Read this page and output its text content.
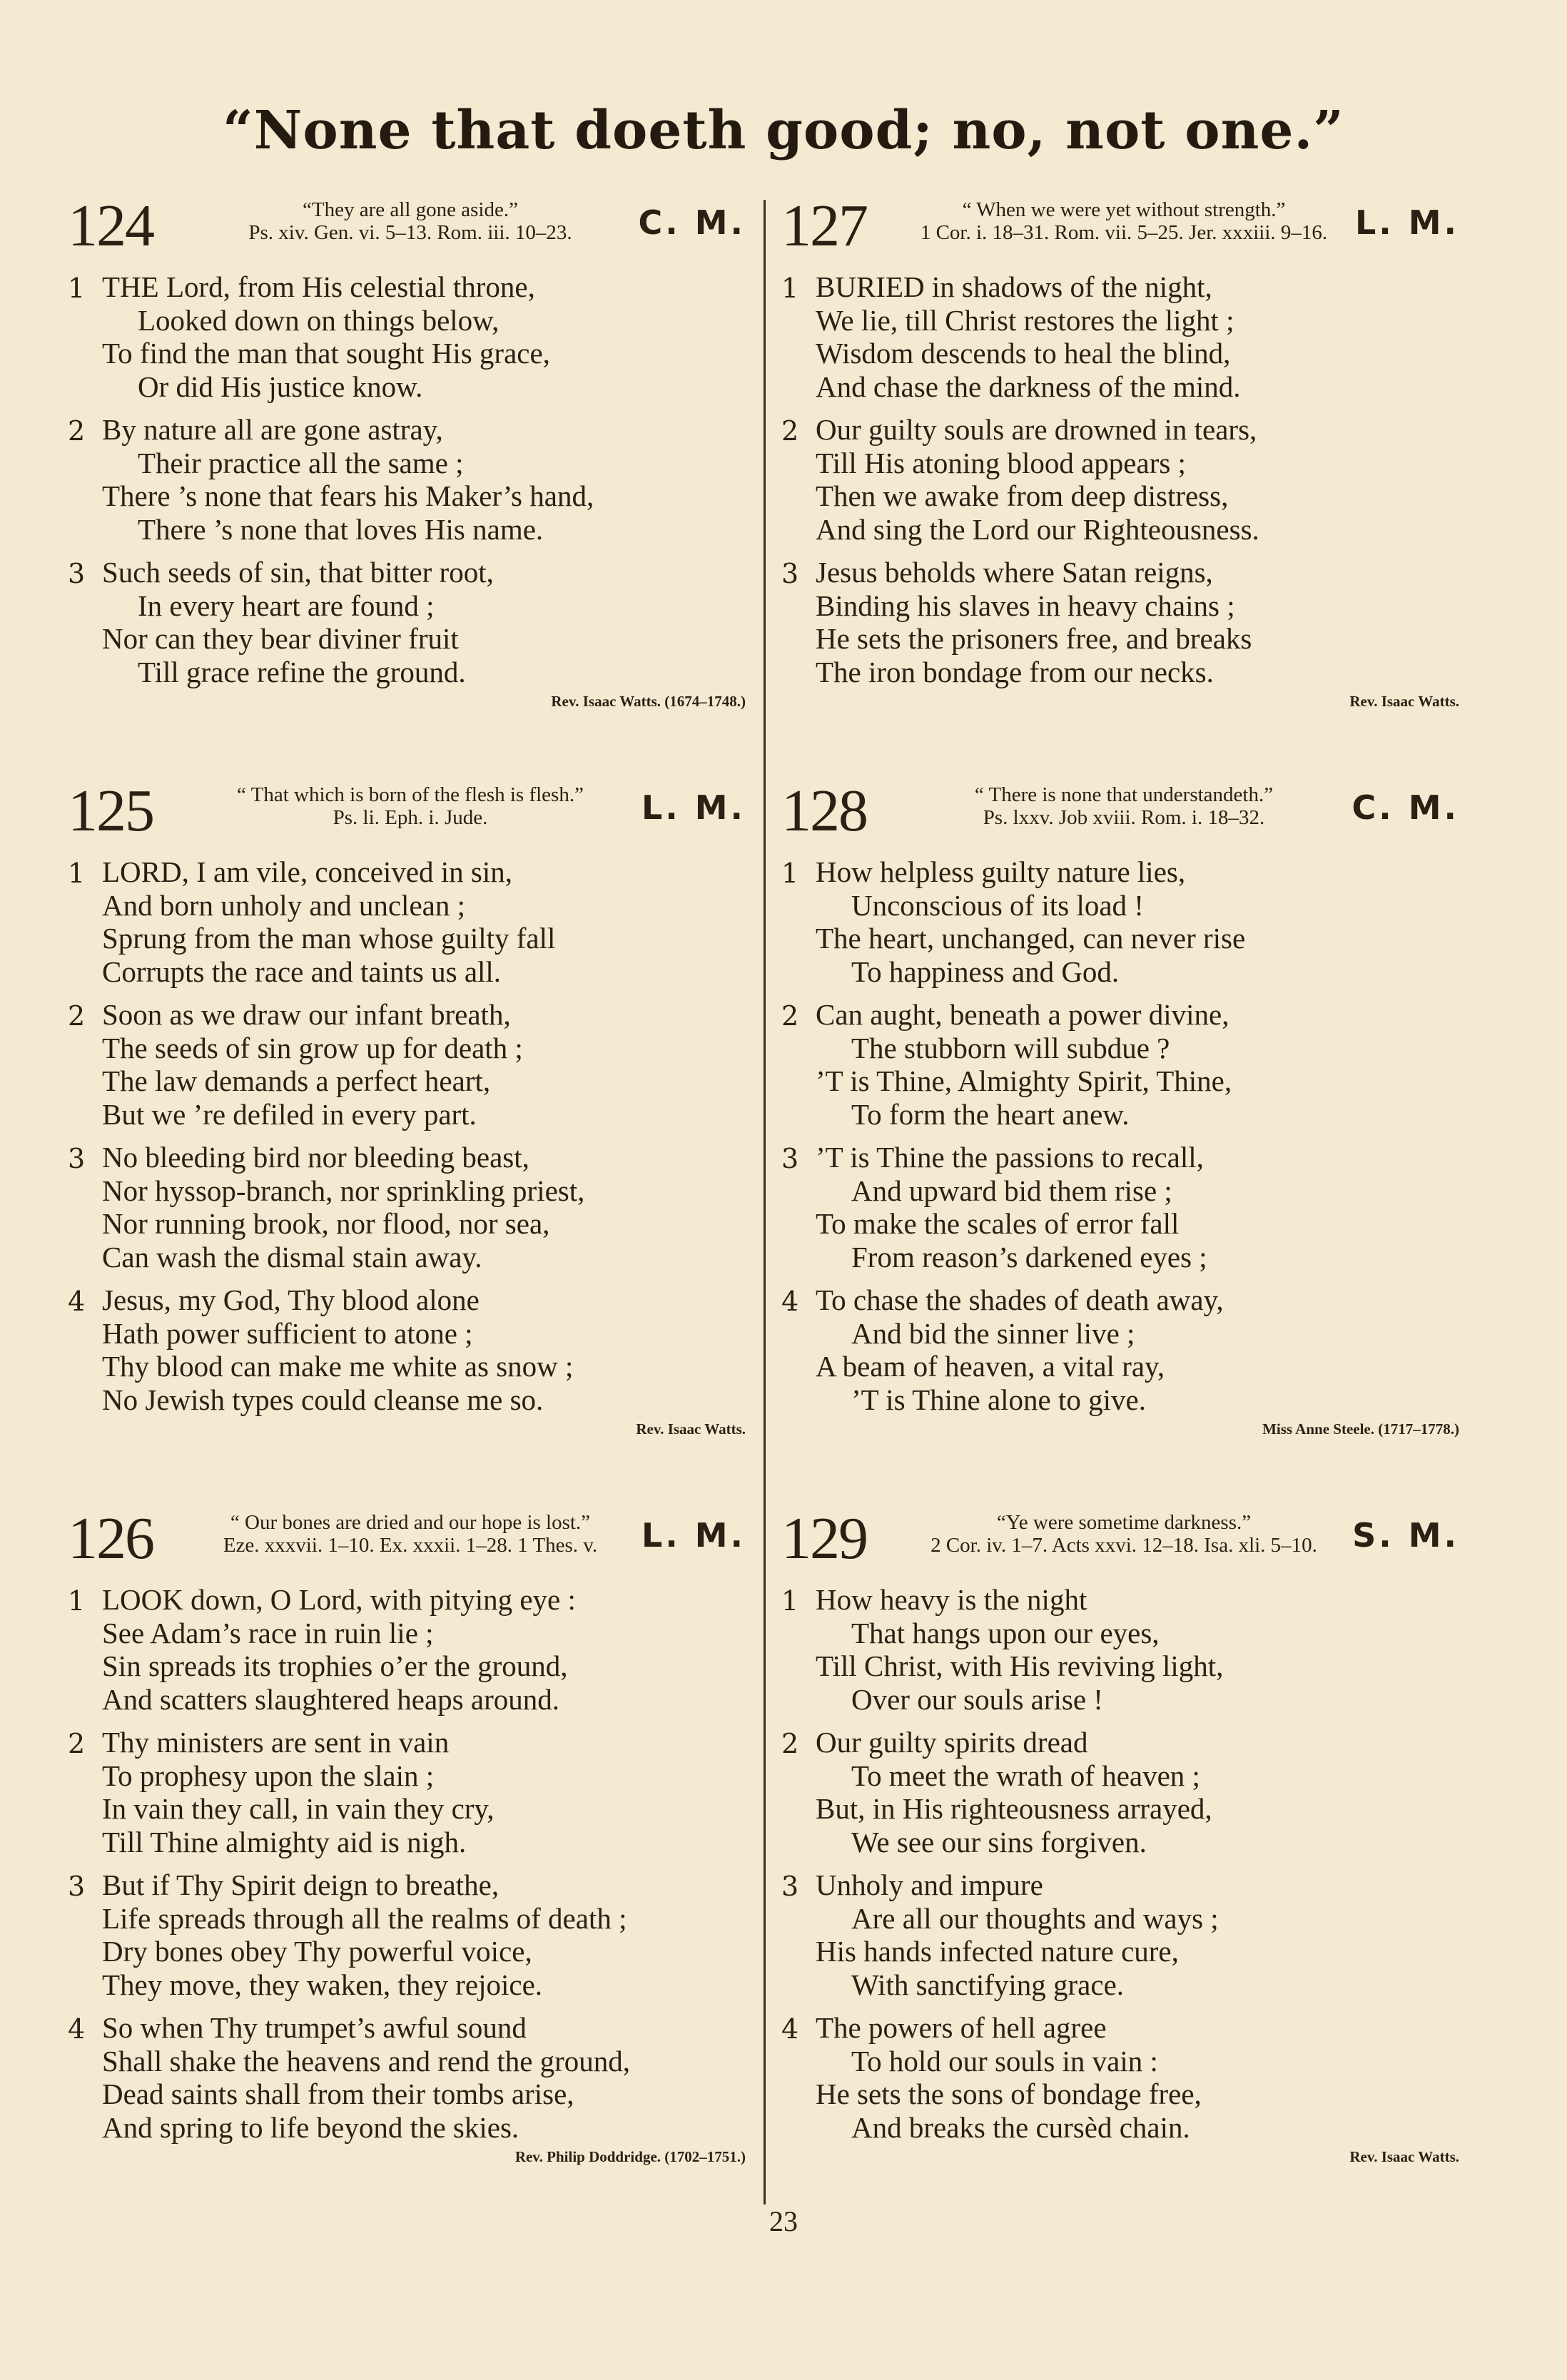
“None that doeth good; no, not one.”
124	“They are all gone aside.”
Ps. xiv. Gen. vi. 5–13. Rom. iii. 10–23.	C. M.
1 THE Lord, from His celestial throne,
Looked down on things below,
To find the man that sought His grace,
Or did His justice know.
2 By nature all are gone astray,
Their practice all the same ;
There ’s none that fears his Maker’s hand,
There ’s none that loves His name.
3 Such seeds of sin, that bitter root,
In every heart are found ;
Nor can they bear diviner fruit
Till grace refine the ground.
Rev. Isaac Watts. (1674–1748.)
125	“ That which is born of the flesh is flesh.”
Ps. li. Eph. i. Jude.	L. M.
1 LORD, I am vile, conceived in sin,
And born unholy and unclean ;
Sprung from the man whose guilty fall
Corrupts the race and taints us all.
2 Soon as we draw our infant breath,
The seeds of sin grow up for death ;
The law demands a perfect heart,
But we ’re defiled in every part.
3 No bleeding bird nor bleeding beast,
Nor hyssop-branch, nor sprinkling priest,
Nor running brook, nor flood, nor sea,
Can wash the dismal stain away.
4 Jesus, my God, Thy blood alone
Hath power sufficient to atone ;
Thy blood can make me white as snow ;
No Jewish types could cleanse me so.
Rev. Isaac Watts.
126	“ Our bones are dried and our hope is lost.”
Eze. xxxvii. 1–10. Ex. xxxii. 1–28. 1 Thes. v.	L. M.
1 LOOK down, O Lord, with pitying eye :
See Adam’s race in ruin lie ;
Sin spreads its trophies o’er the ground,
And scatters slaughtered heaps around.
2 Thy ministers are sent in vain
To prophesy upon the slain ;
In vain they call, in vain they cry,
Till Thine almighty aid is nigh.
3 But if Thy Spirit deign to breathe,
Life spreads through all the realms of death ;
Dry bones obey Thy powerful voice,
They move, they waken, they rejoice.
4 So when Thy trumpet’s awful sound
Shall shake the heavens and rend the ground,
Dead saints shall from their tombs arise,
And spring to life beyond the skies.
Rev. Philip Doddridge. (1702–1751.)
127	“ When we were yet without strength.”
1 Cor. i. 18–31. Rom. vii. 5–25. Jer. xxxiii. 9–16. L. M.
1 BURIED in shadows of the night,
We lie, till Christ restores the light ;
Wisdom descends to heal the blind,
And chase the darkness of the mind.
2 Our guilty souls are drowned in tears,
Till His atoning blood appears ;
Then we awake from deep distress,
And sing the Lord our Righteousness.
3 Jesus beholds where Satan reigns,
Binding his slaves in heavy chains ;
He sets the prisoners free, and breaks
The iron bondage from our necks.
Rev. Isaac Watts.
128	“ There is none that understandeth.”
Ps. lxxv. Job xviii. Rom. i. 18–32.	C. M.
1 How helpless guilty nature lies,
Unconscious of its load !
The heart, unchanged, can never rise
To happiness and God.
2 Can aught, beneath a power divine,
The stubborn will subdue ?
’T is Thine, Almighty Spirit, Thine,
To form the heart anew.
3 ’T is Thine the passions to recall,
And upward bid them rise ;
To make the scales of error fall
From reason’s darkened eyes ;
4 To chase the shades of death away,
And bid the sinner live ;
A beam of heaven, a vital ray,
’T is Thine alone to give.
Miss Anne Steele. (1717–1778.)
129	“Ye were sometime darkness.”
2 Cor. iv. 1–7. Acts xxvi. 12–18. Isa. xli. 5–10.	S. M.
1 How heavy is the night
That hangs upon our eyes,
Till Christ, with His reviving light,
Over our souls arise !
2 Our guilty spirits dread
To meet the wrath of heaven ;
But, in His righteousness arrayed,
We see our sins forgiven.
3 Unholy and impure
Are all our thoughts and ways ;
His hands infected nature cure,
With sanctifying grace.
4 The powers of hell agree
To hold our souls in vain :
He sets the sons of bondage free,
And breaks the cursèd chain.
Rev. Isaac Watts.
23
